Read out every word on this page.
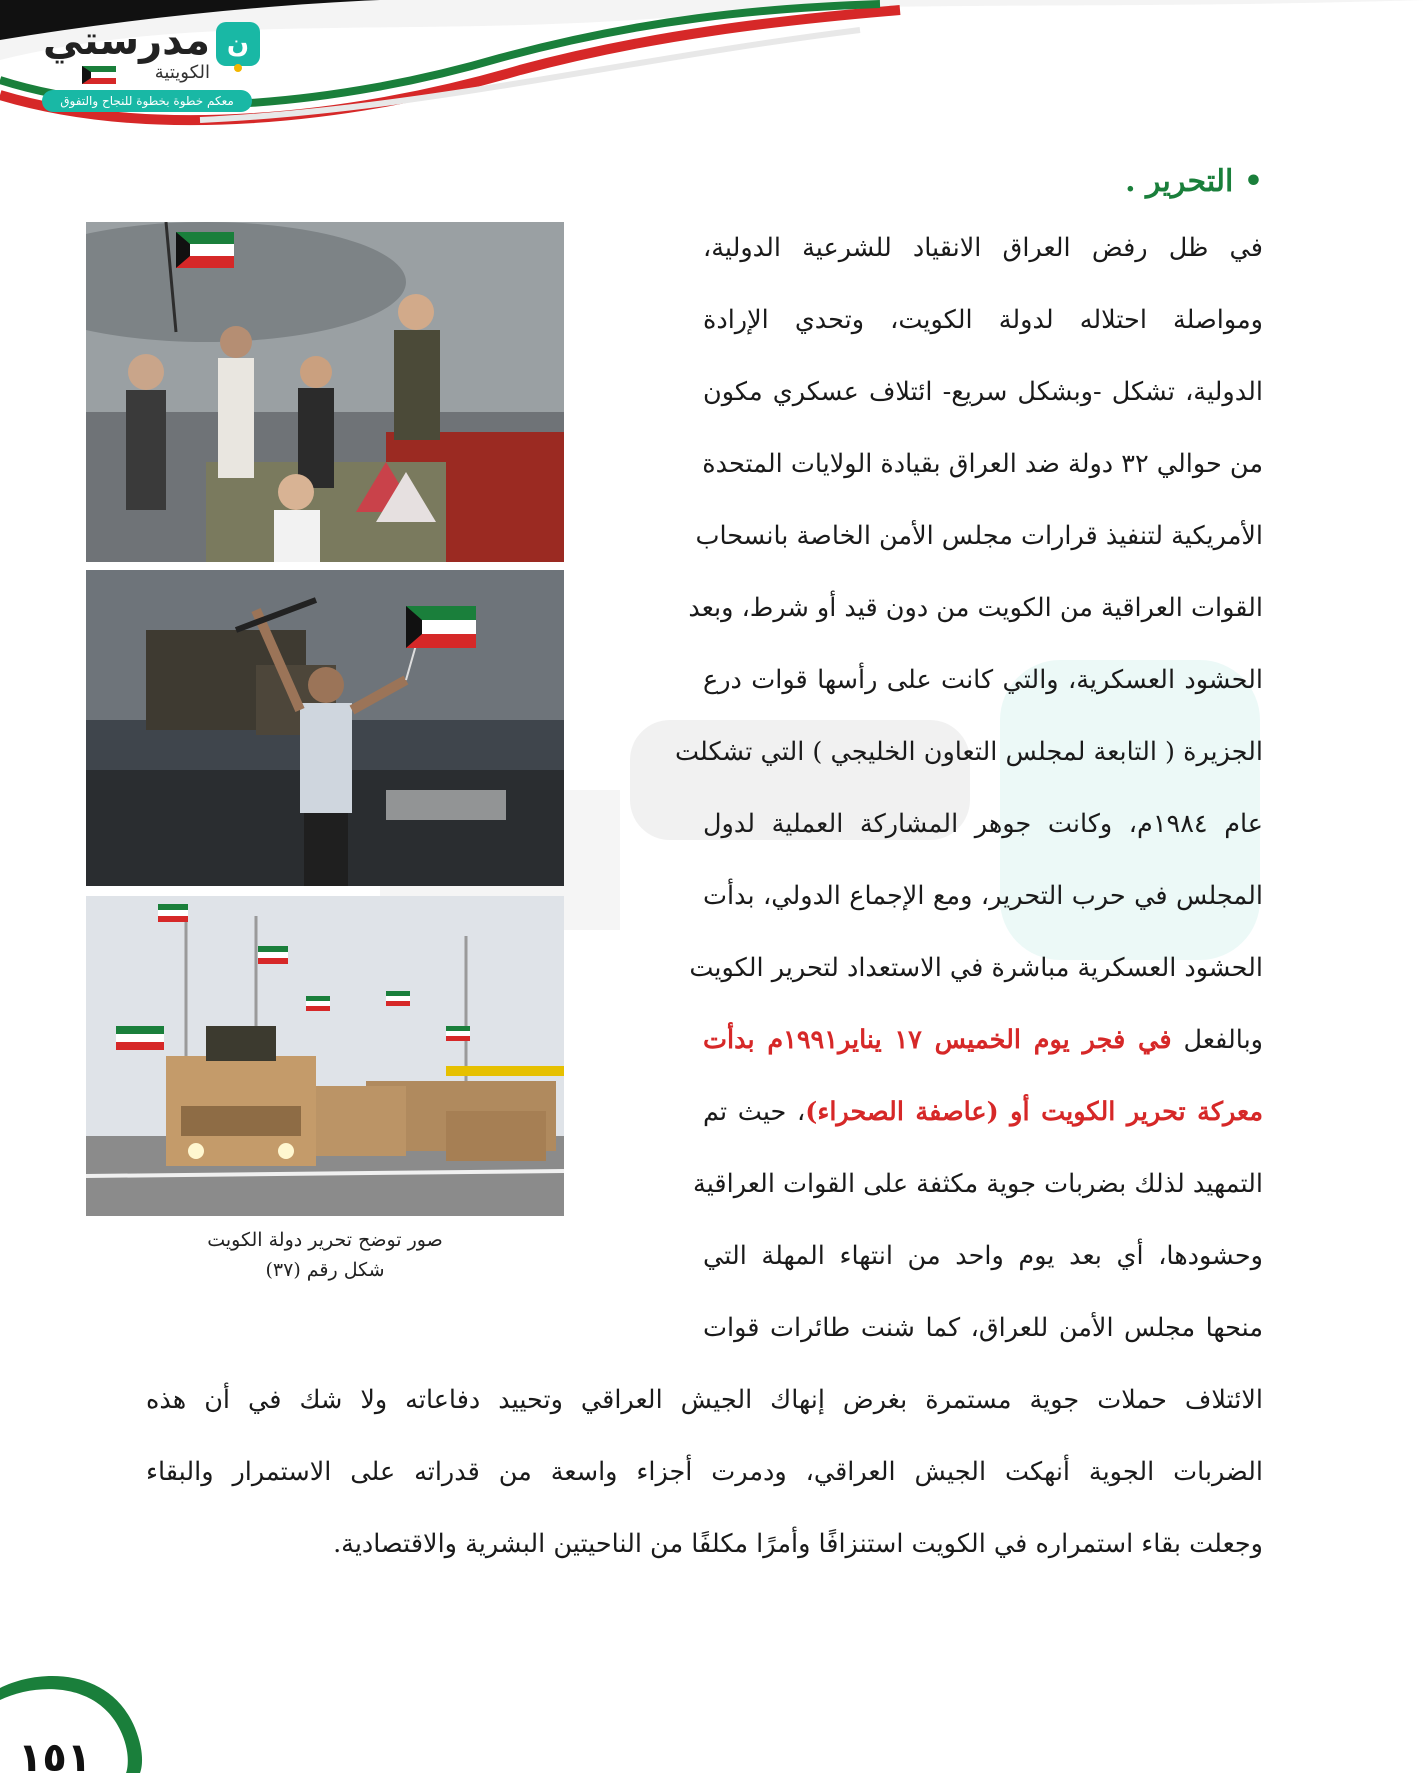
ن
مدرستي
الكويتية
معكم خطوة بخطوة للنجاح والتفوق
• التحرير .
في ظل رفض العراق الانقياد للشرعية الدولية،
ومواصلة احتلاله لدولة الكويت، وتحدي الإرادة
الدولية، تشكل -وبشكل سريع- ائتلاف عسكري مكون
من حوالي ٣٢ دولة ضد العراق بقيادة الولايات المتحدة
الأمريكية لتنفيذ قرارات مجلس الأمن الخاصة بانسحاب
القوات العراقية من الكويت من دون قيد أو شرط، وبعد
الحشود العسكرية، والتي كانت على رأسها قوات درع
الجزيرة ( التابعة لمجلس التعاون الخليجي ) التي تشكلت
عام ١٩٨٤م، وكانت جوهر المشاركة العملية لدول
المجلس في حرب التحرير، ومع الإجماع الدولي، بدأت
الحشود العسكرية مباشرة في الاستعداد لتحرير الكويت
وبالفعل في فجر يوم الخميس ١٧ يناير١٩٩١م بدأت
معركة تحرير الكويت أو (عاصفة الصحراء)، حيث تم
التمهيد لذلك بضربات جوية مكثفة على القوات العراقية
وحشودها، أي بعد يوم واحد من انتهاء المهلة التي
منحها مجلس الأمن للعراق، كما شنت طائرات قوات
الائتلاف حملات جوية مستمرة بغرض إنهاك الجيش العراقي وتحييد دفاعاته ولا شك في أن هذه
الضربات الجوية أنهكت الجيش العراقي، ودمرت أجزاء واسعة من قدراته على الاستمرار والبقاء
وجعلت بقاء استمراره في الكويت استنزافًا وأمرًا مكلفًا من الناحيتين البشرية والاقتصادية.
صور توضح تحرير دولة الكويت
شكل رقم (٣٧)
١٥١
